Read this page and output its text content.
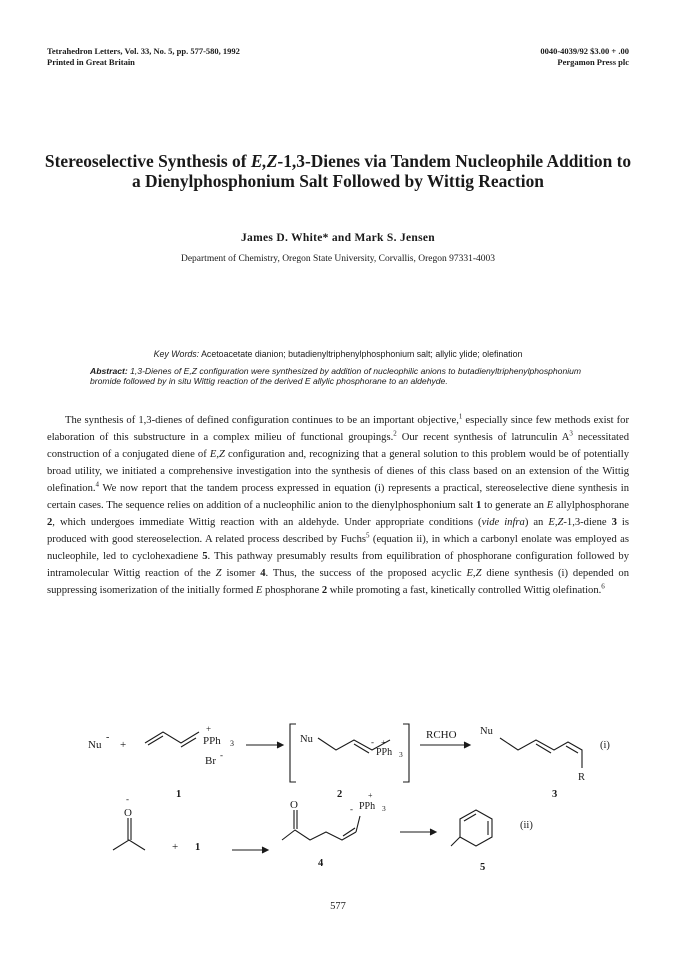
Tetrahedron Letters, Vol. 33, No. 5, pp. 577-580, 1992
Printed in Great Britain
0040-4039/92 $3.00 + .00
Pergamon Press plc
Stereoselective Synthesis of E,Z-1,3-Dienes via Tandem Nucleophile Addition to a Dienylphosphonium Salt Followed by Wittig Reaction
James D. White* and Mark S. Jensen
Department of Chemistry, Oregon State University, Corvallis, Oregon 97331-4003
Key Words: Acetoacetate dianion; butadienyltriphenylphosphonium salt; allylic ylide; olefination
Abstract: 1,3-Dienes of E,Z configuration were synthesized by addition of nucleophilic anions to butadienyltriphenylphosphonium bromide followed by in situ Wittig reaction of the derived E allylic phosphorane to an aldehyde.

The synthesis of 1,3-dienes of defined configuration continues to be an important objective,$^1$ especially since few methods exist for elaboration of this substructure in a complex milieu of functional groupings.$^2$ Our recent synthesis of latrunculin $A^3$ necessitated construction of a conjugated diene of E,Z configuration and, recognizing that a general solution to this problem would be of potentially broad utility, we initiated a comprehensive investigation into the synthesis of dienes of this class based on an extension of the Wittig olefination.$^4$ We now report that the tandem process expressed in equation (i) represents a practical, stereoselective diene synthesis in certain cases. The sequence relies on addition of a nucleophilic anion to the dienylphosphonium salt 1 to generate an E allylphosphorane 2, which undergoes immediate Wittig reaction with an aldehyde. Under appropriate conditions (vide infra) an E,Z-1,3-diene 3 is produced with good stereoselection. A related process described by Fuchs$^5$ (equation ii), in which a carbonyl enolate was employed as nucleophile, led to cyclohexadiene 5. This pathway presumably results from equilibration of phosphorane configuration followed by intramolecular Wittig reaction of the Z isomer 4. Thus, the success of the proposed acyclic E,Z diene synthesis (i) depended on suppressing isomerization of the initially formed E phosphorane 2 while promoting a fast, kinetically controlled Wittig olefination.$^6$

Nu
-
+
+
PPh 3
Br -
1
Nu	- +
PPh 3
2
RCHO Nu
R
(i)
3
-
O
+ 1
O	-
+
PPh 3
4
(ii)
5
577
